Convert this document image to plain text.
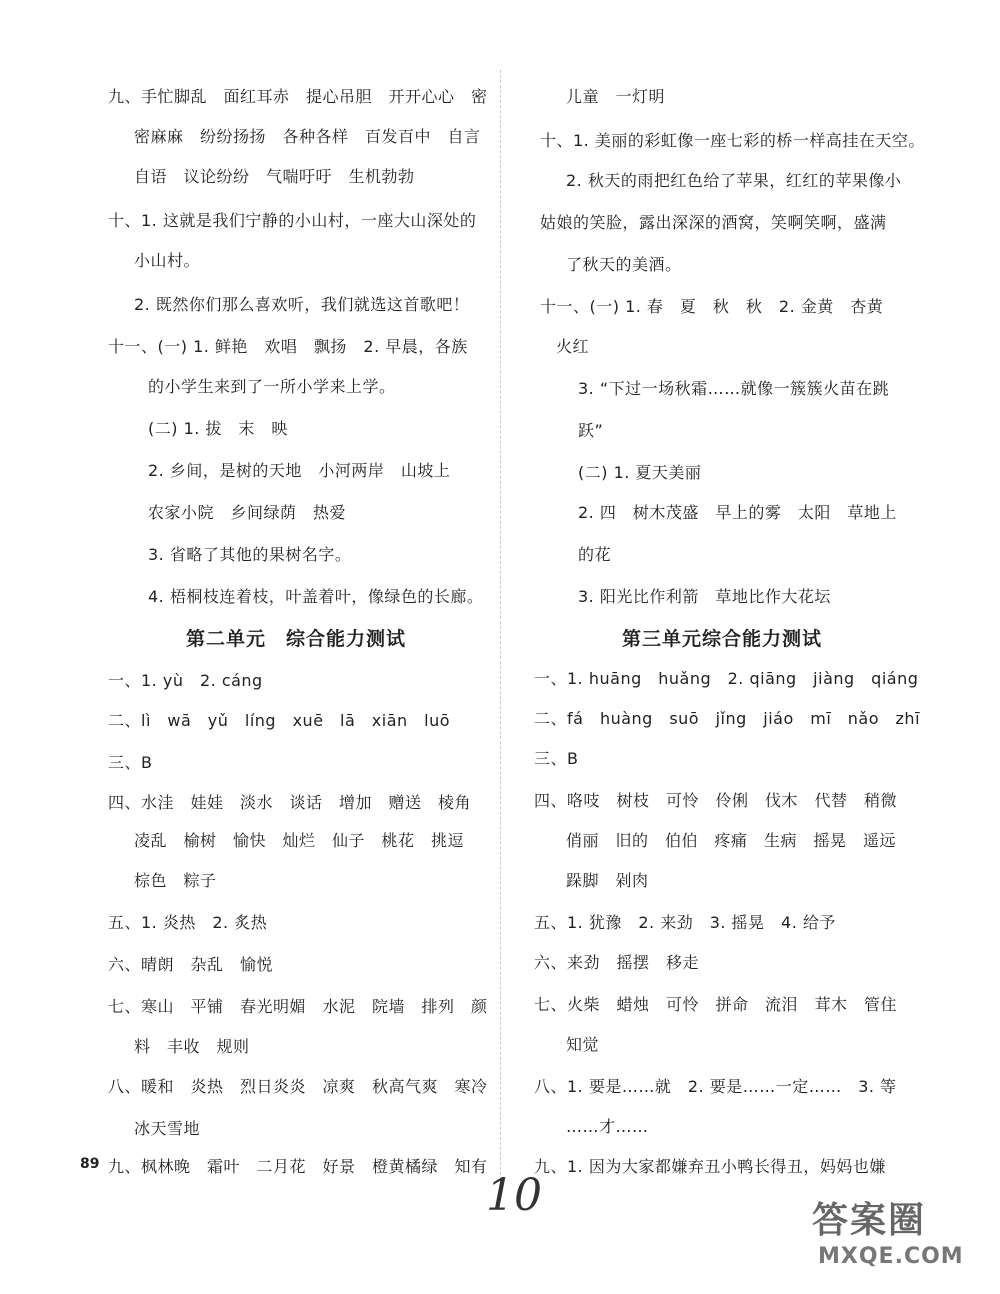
九、手忙脚乱　面红耳赤　提心吊胆　开开心心　密
密麻麻　纷纷扬扬　各种各样　百发百中　自言
自语　议论纷纷　气喘吁吁　生机勃勃
十、1. 这就是我们宁静的小山村，一座大山深处的
小山村。
2. 既然你们那么喜欢听，我们就选这首歌吧！
十一、(一) 1. 鲜艳　欢唱　飘扬　2. 早晨，各族
的小学生来到了一所小学来上学。
(二) 1. 拔　末　映
2. 乡间，是树的天地　小河两岸　山坡上
农家小院　乡间绿荫　热爱
3. 省略了其他的果树名字。
4. 梧桐枝连着枝，叶盖着叶，像绿色的长廊。
第二单元　综合能力测试
一、1. yù　2. cáng
二、lì　wā　yǔ　líng　xuē　lā　xiān　luō
三、B
四、水洼　娃娃　淡水　谈话　增加　赠送　棱角
凌乱　榆树　愉快　灿烂　仙子　桃花　挑逗
棕色　粽子
五、1. 炎热　2. 炙热
六、晴朗　杂乱　愉悦
七、寒山　平铺　春光明媚　水泥　院墙　排列　颜
料　丰收　规则
八、暖和　炎热　烈日炎炎　凉爽　秋高气爽　寒冷
冰天雪地
九、枫林晚　霜叶　二月花　好景　橙黄橘绿　知有
儿童　一灯明
十、1. 美丽的彩虹像一座七彩的桥一样高挂在天空。
2. 秋天的雨把红色给了苹果，红红的苹果像小
姑娘的笑脸，露出深深的酒窝，笑啊笑啊，盛满
了秋天的美酒。
十一、(一) 1. 春　夏　秋　秋　2. 金黄　杏黄
火红
3. “下过一场秋霜……就像一簇簇火苗在跳
跃”
(二) 1. 夏天美丽
2. 四　树木茂盛　早上的雾　太阳　草地上
的花
3. 阳光比作利箭　草地比作大花坛
第三单元综合能力测试
一、1. huāng　huǎng　2. qiāng　jiàng　qiáng
二、fá　huàng　suō　jǐng　jiáo　mī　nǎo　zhī
三、B
四、咯吱　树枝　可怜　伶俐　伐木　代替　稍微
俏丽　旧的　伯伯　疼痛　生病　摇晃　遥远
跺脚　剁肉
五、1. 犹豫　2. 来劲　3. 摇晃　4. 给予
六、来劲　摇摆　移走
七、火柴　蜡烛　可怜　拼命　流泪　茸木　管住
知觉
八、1. 要是……就　2. 要是……一定……　3. 等
……才……
九、1. 因为大家都嫌弃丑小鸭长得丑，妈妈也嫌
89
10	答案圈
MXQE.COM
